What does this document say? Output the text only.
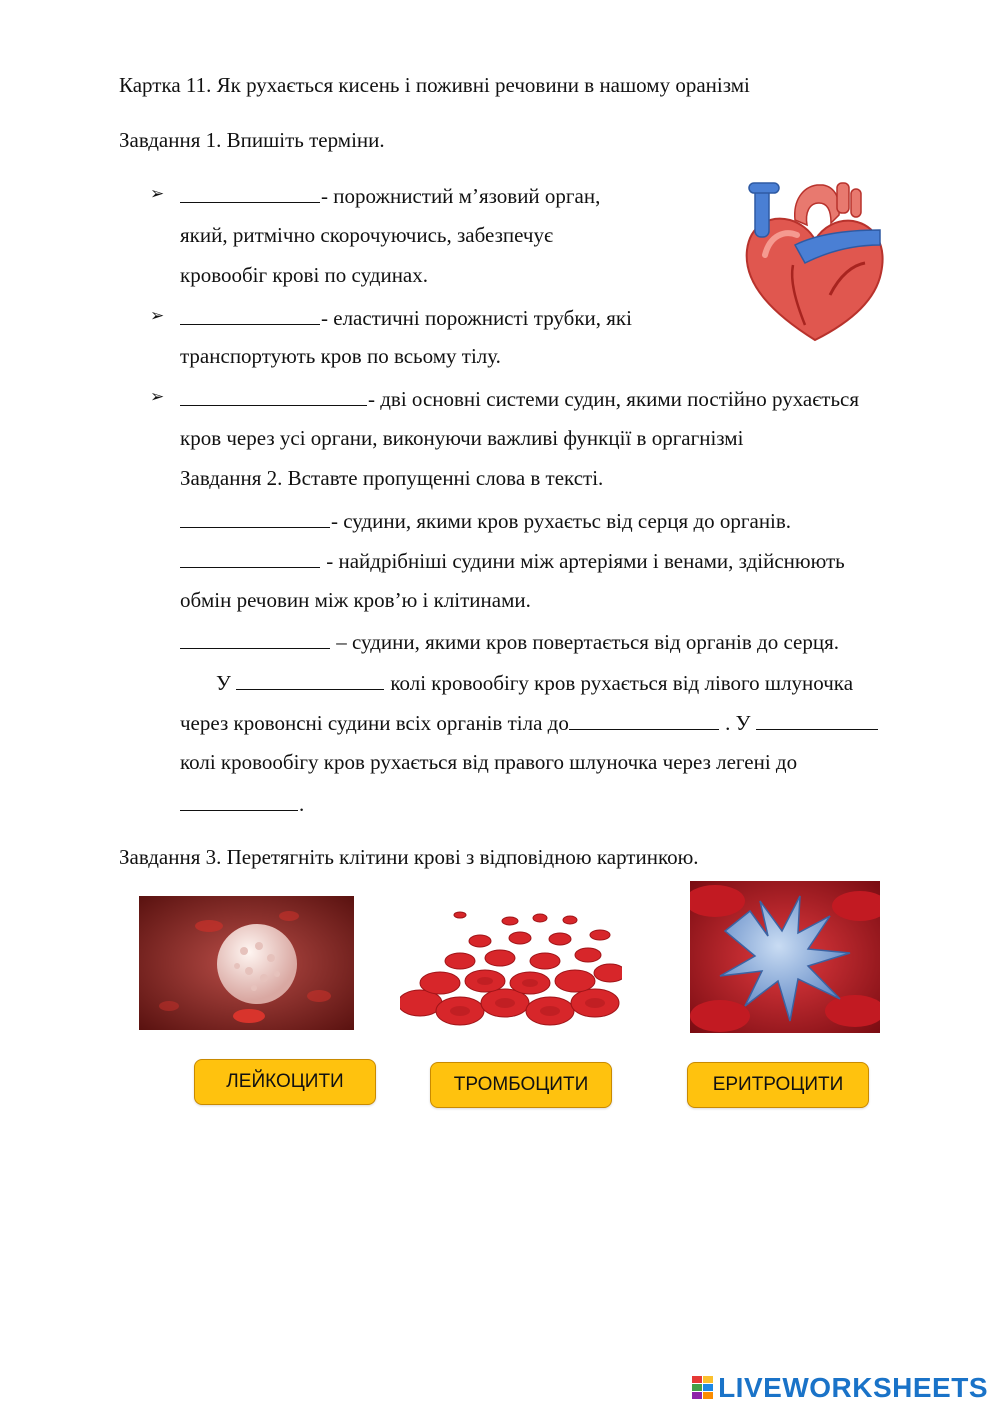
Картка 11. Як рухається кисень і поживні речовини в нашому оранізмі
Завдання 1. Впишіть терміни.
➢	- порожнистий м’язовий орган,
який, ритмічно скорочуючись, забезпечує
кровообіг крові по судинах.
➢	- еластичні порожнисті трубки, які
транспортують кров по всьому тілу.
➢	- дві основні системи судин, якими постійно рухається
кров через усі органи, виконуючи важливі функції в оргагнізмі
Завдання 2. Вставте пропущенні слова в тексті.
- судини, якими кров рухаєтьс від серця до органів.
- найдрібніші судини між артеріями і венами, здійснюють
обмін речовин між кров’ю і клітинами.
– судини, якими кров повертається від органів до серця.
У	колі кровообігу кров рухається від лівого шлуночка
через кровонсні судини всіх органів тіла до	. У
колі кровообігу кров рухається від правого шлуночка через легені до
.
Завдання 3. Перетягніть клітини крові з відповідною картинкою.
ЛЕЙКОЦИТИ	ТРОМБОЦИТИ	ЕРИТРОЦИТИ
LIVEWORKSHEETS
